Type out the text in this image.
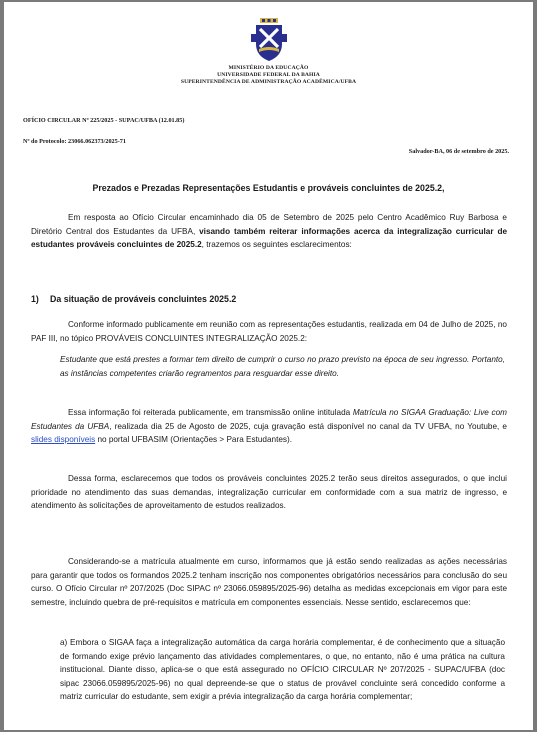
MINISTÉRIO DA EDUCAÇÃO
UNIVERSIDADE FEDERAL DA BAHIA
SUPERINTENDÊNCIA DE ADMINISTRAÇÃO ACADÊMICA/UFBA
OFÍCIO CIRCULAR Nº 225/2025 - SUPAC/UFBA (12.01.85)
Nº do Protocolo: 23066.062373/2025-71
Salvador-BA, 06 de setembro de 2025.
Prezados e Prezadas Representações Estudantis e prováveis concluintes de 2025.2,

Em resposta ao Ofício Circular encaminhado dia 05 de Setembro de 2025 pelo Centro Acadêmico Ruy Barbosa e Diretório Central dos Estudantes da UFBA, visando também reiterar informações acerca da integralização curricular de estudantes prováveis concluintes de 2025.2, trazemos os seguintes esclarecimentos:

1) Da situação de prováveis concluintes 2025.2

Conforme informado publicamente em reunião com as representações estudantis, realizada em 04 de Julho de 2025, no PAF III, no tópico PROVÁVEIS CONCLUINTES INTEGRALIZAÇÃO 2025.2:

Estudante que está prestes a formar tem direito de cumprir o curso no prazo previsto na época de seu ingresso. Portanto, as instâncias competentes criarão regramentos para resguardar esse direito.

Essa informação foi reiterada publicamente, em transmissão online intitulada Matrícula no SIGAA Graduação: Live com Estudantes da UFBA, realizada dia 25 de Agosto de 2025, cuja gravação está disponível no canal da TV UFBA, no Youtube, e slides disponíveis no portal UFBASIM (Orientações > Para Estudantes).

Dessa forma, esclarecemos que todos os prováveis concluintes 2025.2 terão seus direitos assegurados, o que inclui prioridade no atendimento das suas demandas, integralização curricular em conformidade com a sua matriz de ingresso, e atendimento às solicitações de aproveitamento de estudos realizados.

Considerando-se a matrícula atualmente em curso, informamos que já estão sendo realizadas as ações necessárias para garantir que todos os formandos 2025.2 tenham inscrição nos componentes obrigatórios necessários para conclusão do seu curso. O Ofício Circular nº 207/2025 (Doc SIPAC nº 23066.059895/2025-96) detalha as medidas excepcionais em vigor para este semestre, incluindo quebra de pré-requisitos e matrícula em componentes essenciais. Nesse sentido, esclarecemos que:

a) Embora o SIGAA faça a integralização automática da carga horária complementar, é de conhecimento que a situação de formando exige prévio lançamento das atividades complementares, o que, no entanto, não é uma prática na cultura institucional. Diante disso, aplica-se o que está assegurado no OFÍCIO CIRCULAR Nº 207/2025 - SUPAC/UFBA (doc sipac 23066.059895/2025-96) no qual depreende-se que o status de provável concluinte será concedido conforme a matriz curricular do estudante, sem exigir a prévia integralização da carga horária complementar;
